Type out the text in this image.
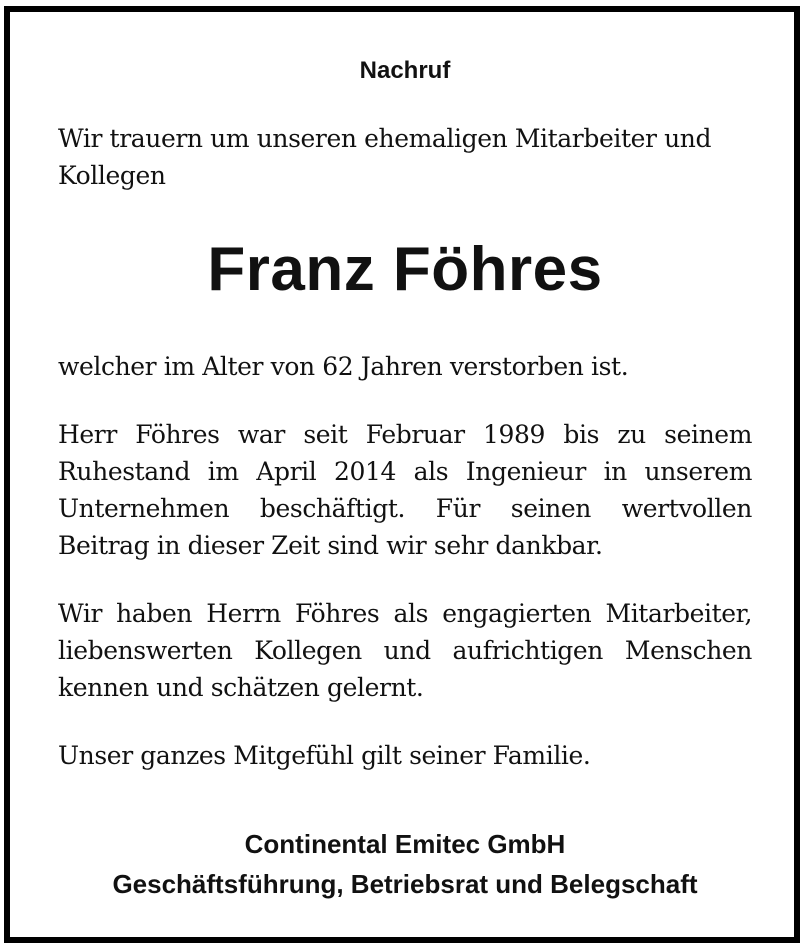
Nachruf
Wir trauern um unseren ehemaligen Mitarbeiter und Kollegen
Franz Föhres
welcher im Alter von 62 Jahren verstorben ist.
Herr Föhres war seit Februar 1989 bis zu seinem Ruhestand im April 2014 als Ingenieur in unserem Unternehmen beschäftigt. Für seinen wertvollen Beitrag in dieser Zeit sind wir sehr dankbar.
Wir haben Herrn Föhres als engagierten Mitarbeiter, liebenswerten Kollegen und aufrichtigen Menschen kennen und schätzen gelernt.
Unser ganzes Mitgefühl gilt seiner Familie.
Continental Emitec GmbH
Geschäftsführung, Betriebsrat und Belegschaft
